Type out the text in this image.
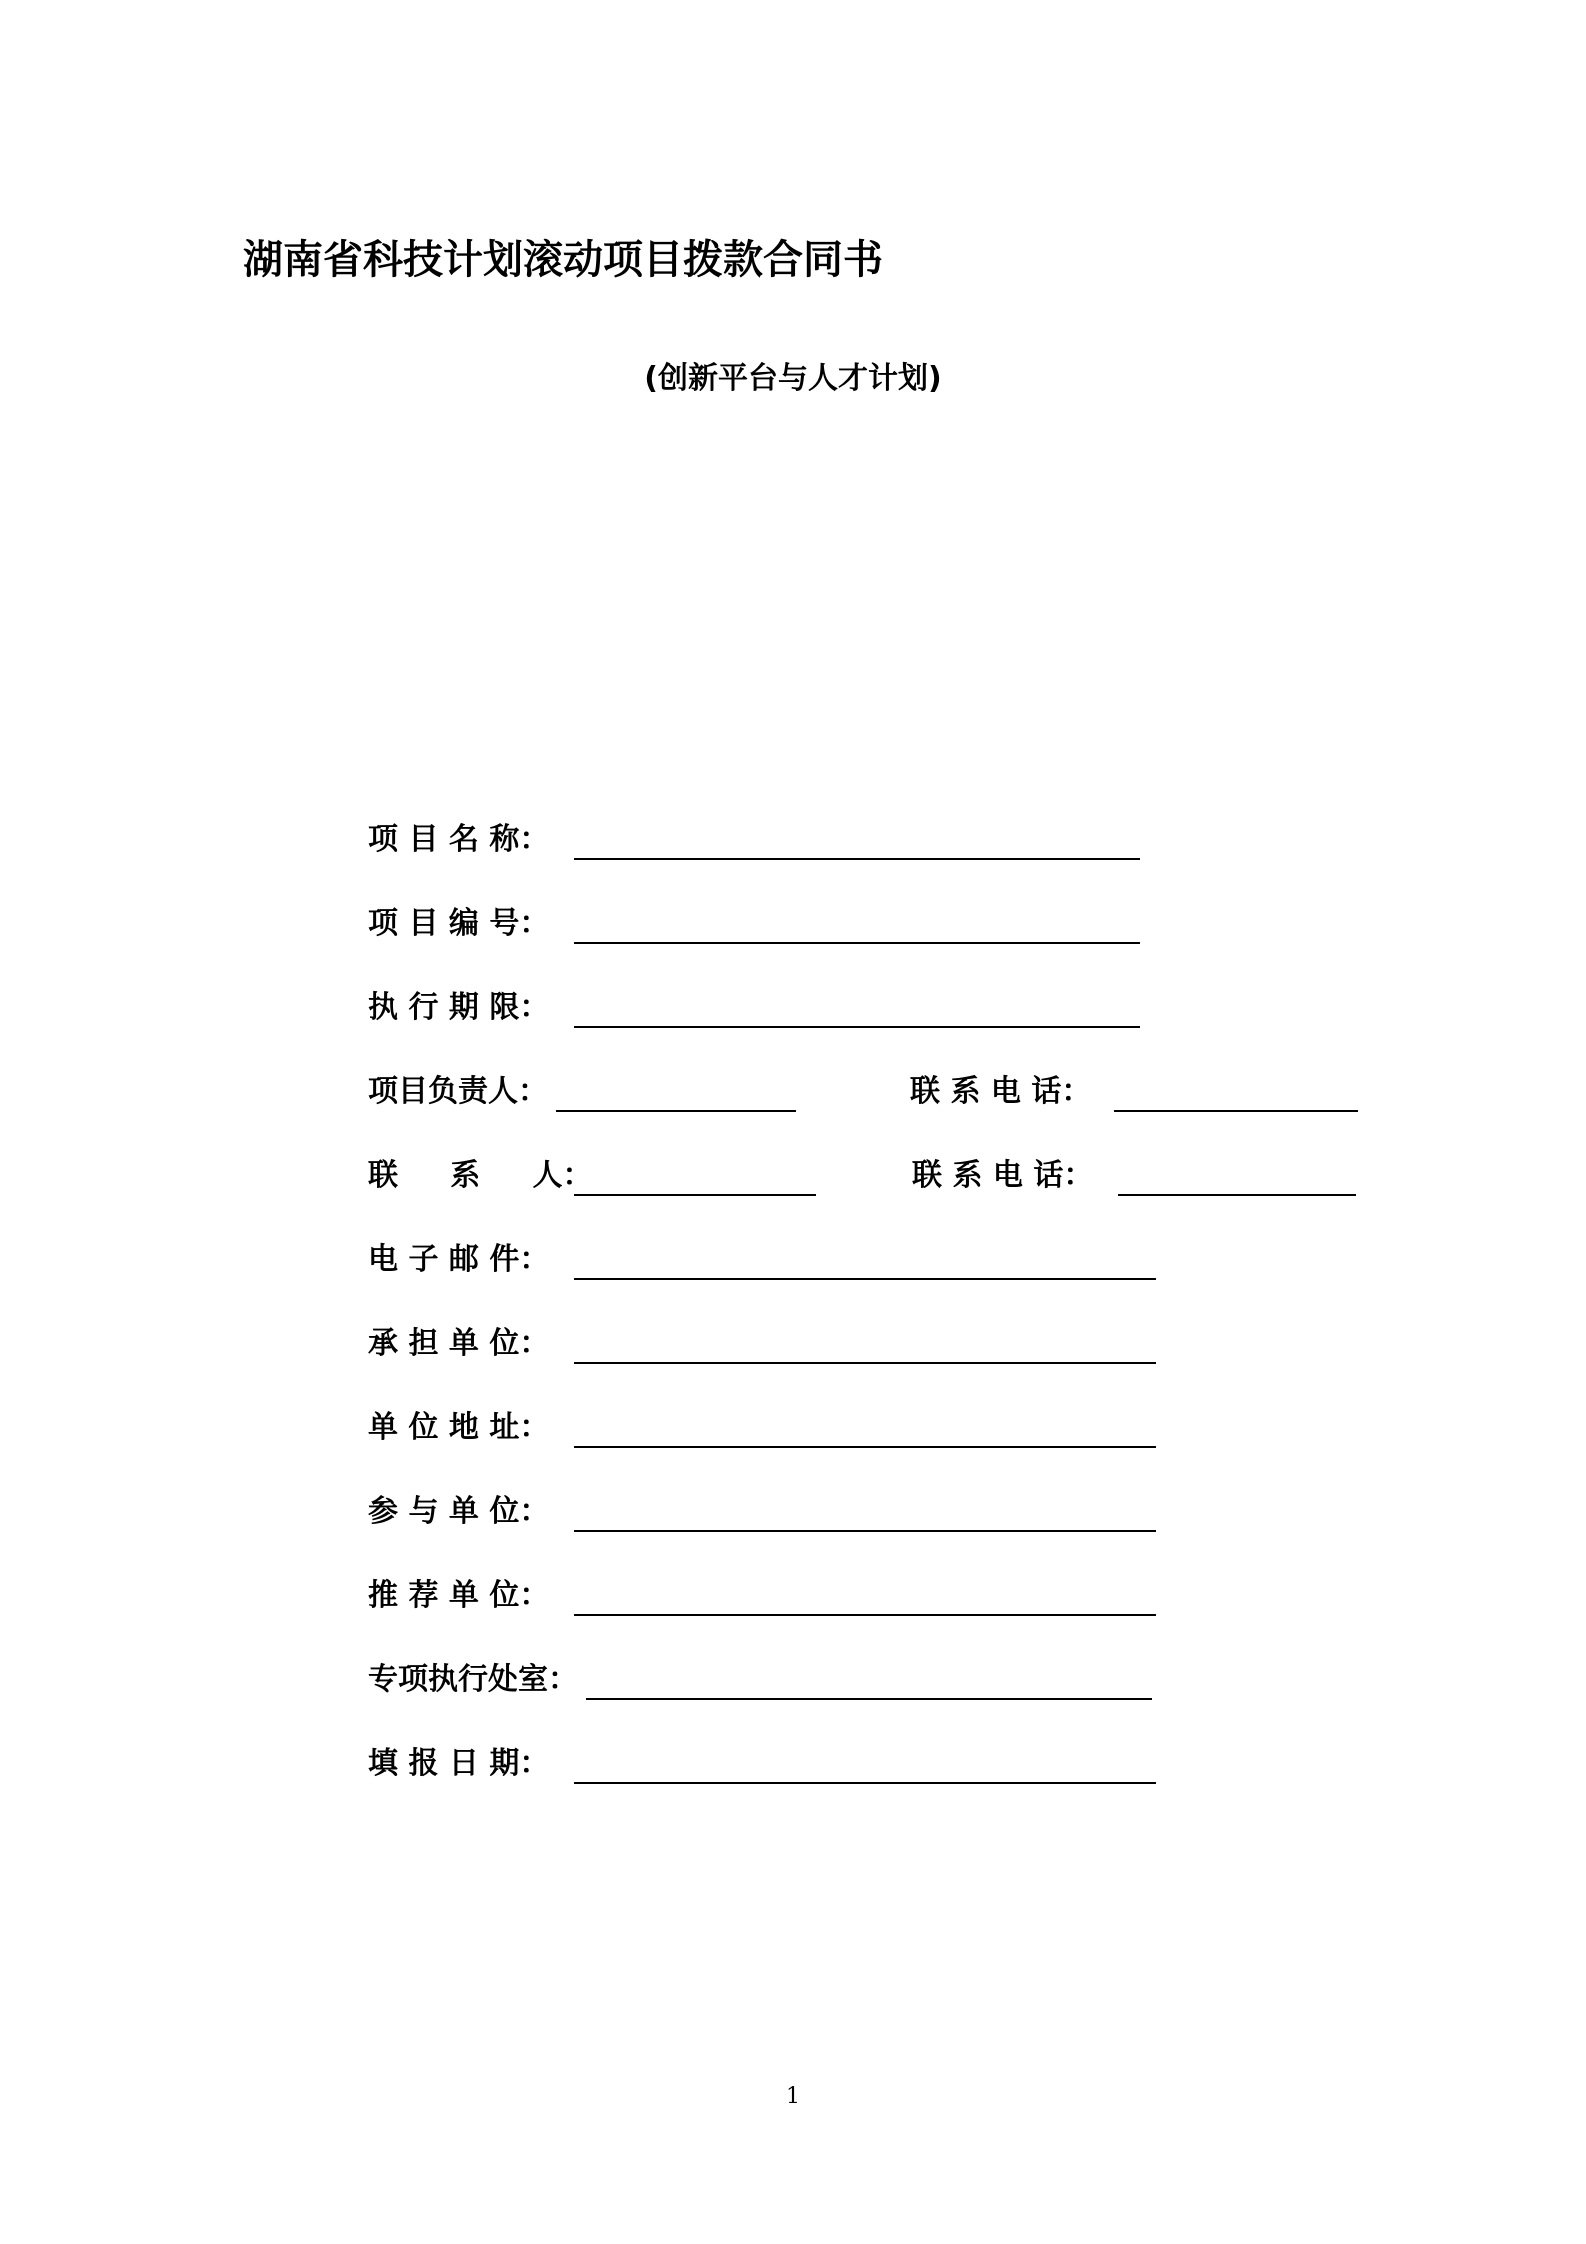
湖南省科技计划滚动项目拨款合同书
(创新平台与人才计划)
项 目 名 称：
项 目 编 号：
执 行 期 限：
项目负责人：	联 系 电 话：
联     系     人：	联 系 电 话：
电 子 邮 件：
承 担 单 位：
单 位 地 址：
参 与 单 位：
推 荐 单 位：
专项执行处室：
填 报 日 期：
1
